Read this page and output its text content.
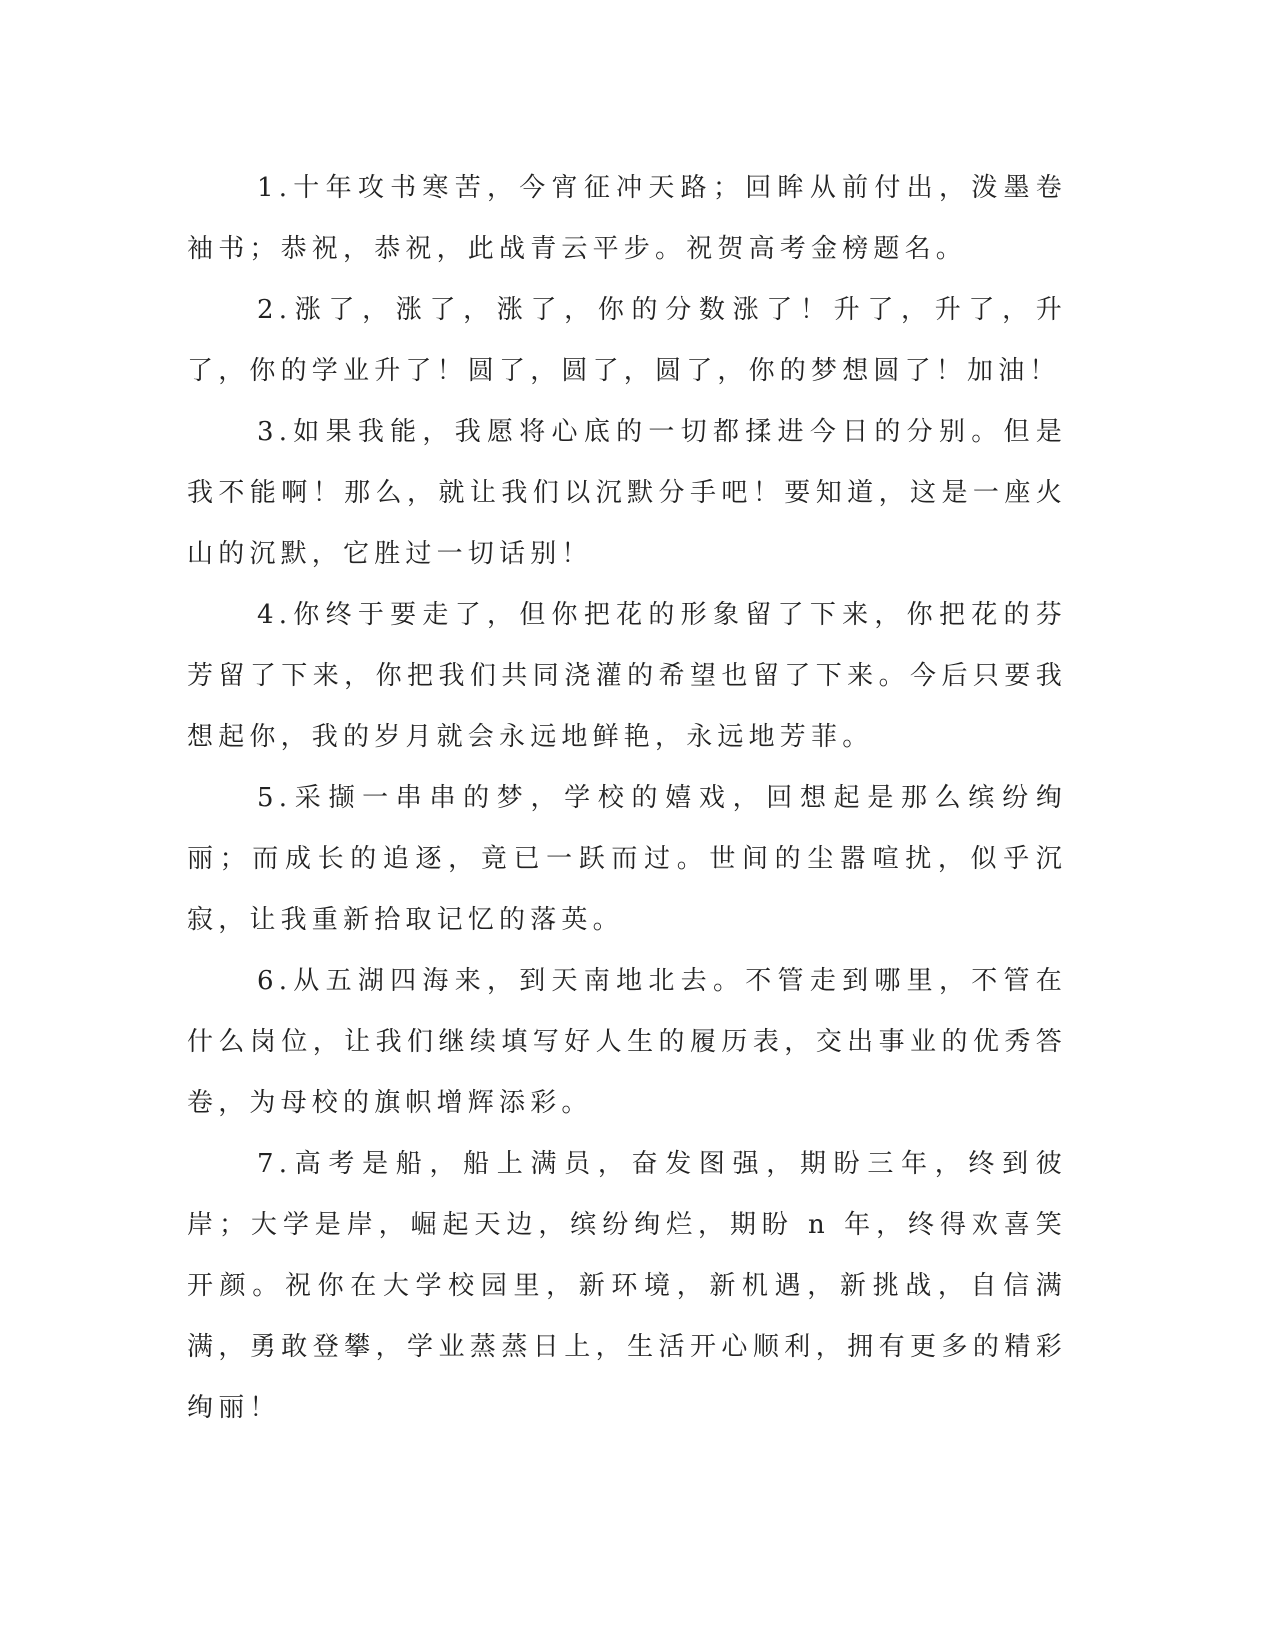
1.十年攻书寒苦，今宵征冲天路；回眸从前付出，泼墨卷袖书；恭祝，恭祝，此战青云平步。祝贺高考金榜题名。

2.涨了，涨了，涨了，你的分数涨了！升了，升了，升了，你的学业升了！圆了，圆了，圆了，你的梦想圆了！加油！

3.如果我能，我愿将心底的一切都揉进今日的分别。但是我不能啊！那么，就让我们以沉默分手吧！要知道，这是一座火山的沉默，它胜过一切话别！

4.你终于要走了，但你把花的形象留了下来，你把花的芬芳留了下来，你把我们共同浇灌的希望也留了下来。今后只要我想起你，我的岁月就会永远地鲜艳，永远地芳菲。

5.采撷一串串的梦，学校的嬉戏，回想起是那么缤纷绚丽；而成长的追逐，竟已一跃而过。世间的尘嚣喧扰，似乎沉寂，让我重新拾取记忆的落英。

6.从五湖四海来，到天南地北去。不管走到哪里，不管在什么岗位，让我们继续填写好人生的履历表，交出事业的优秀答卷，为母校的旗帜增辉添彩。

7.高考是船，船上满员，奋发图强，期盼三年，终到彼岸；大学是岸，崛起天边，缤纷绚烂，期盼 n 年，终得欢喜笑开颜。祝你在大学校园里，新环境，新机遇，新挑战，自信满满，勇敢登攀，学业蒸蒸日上，生活开心顺利，拥有更多的精彩绚丽！
